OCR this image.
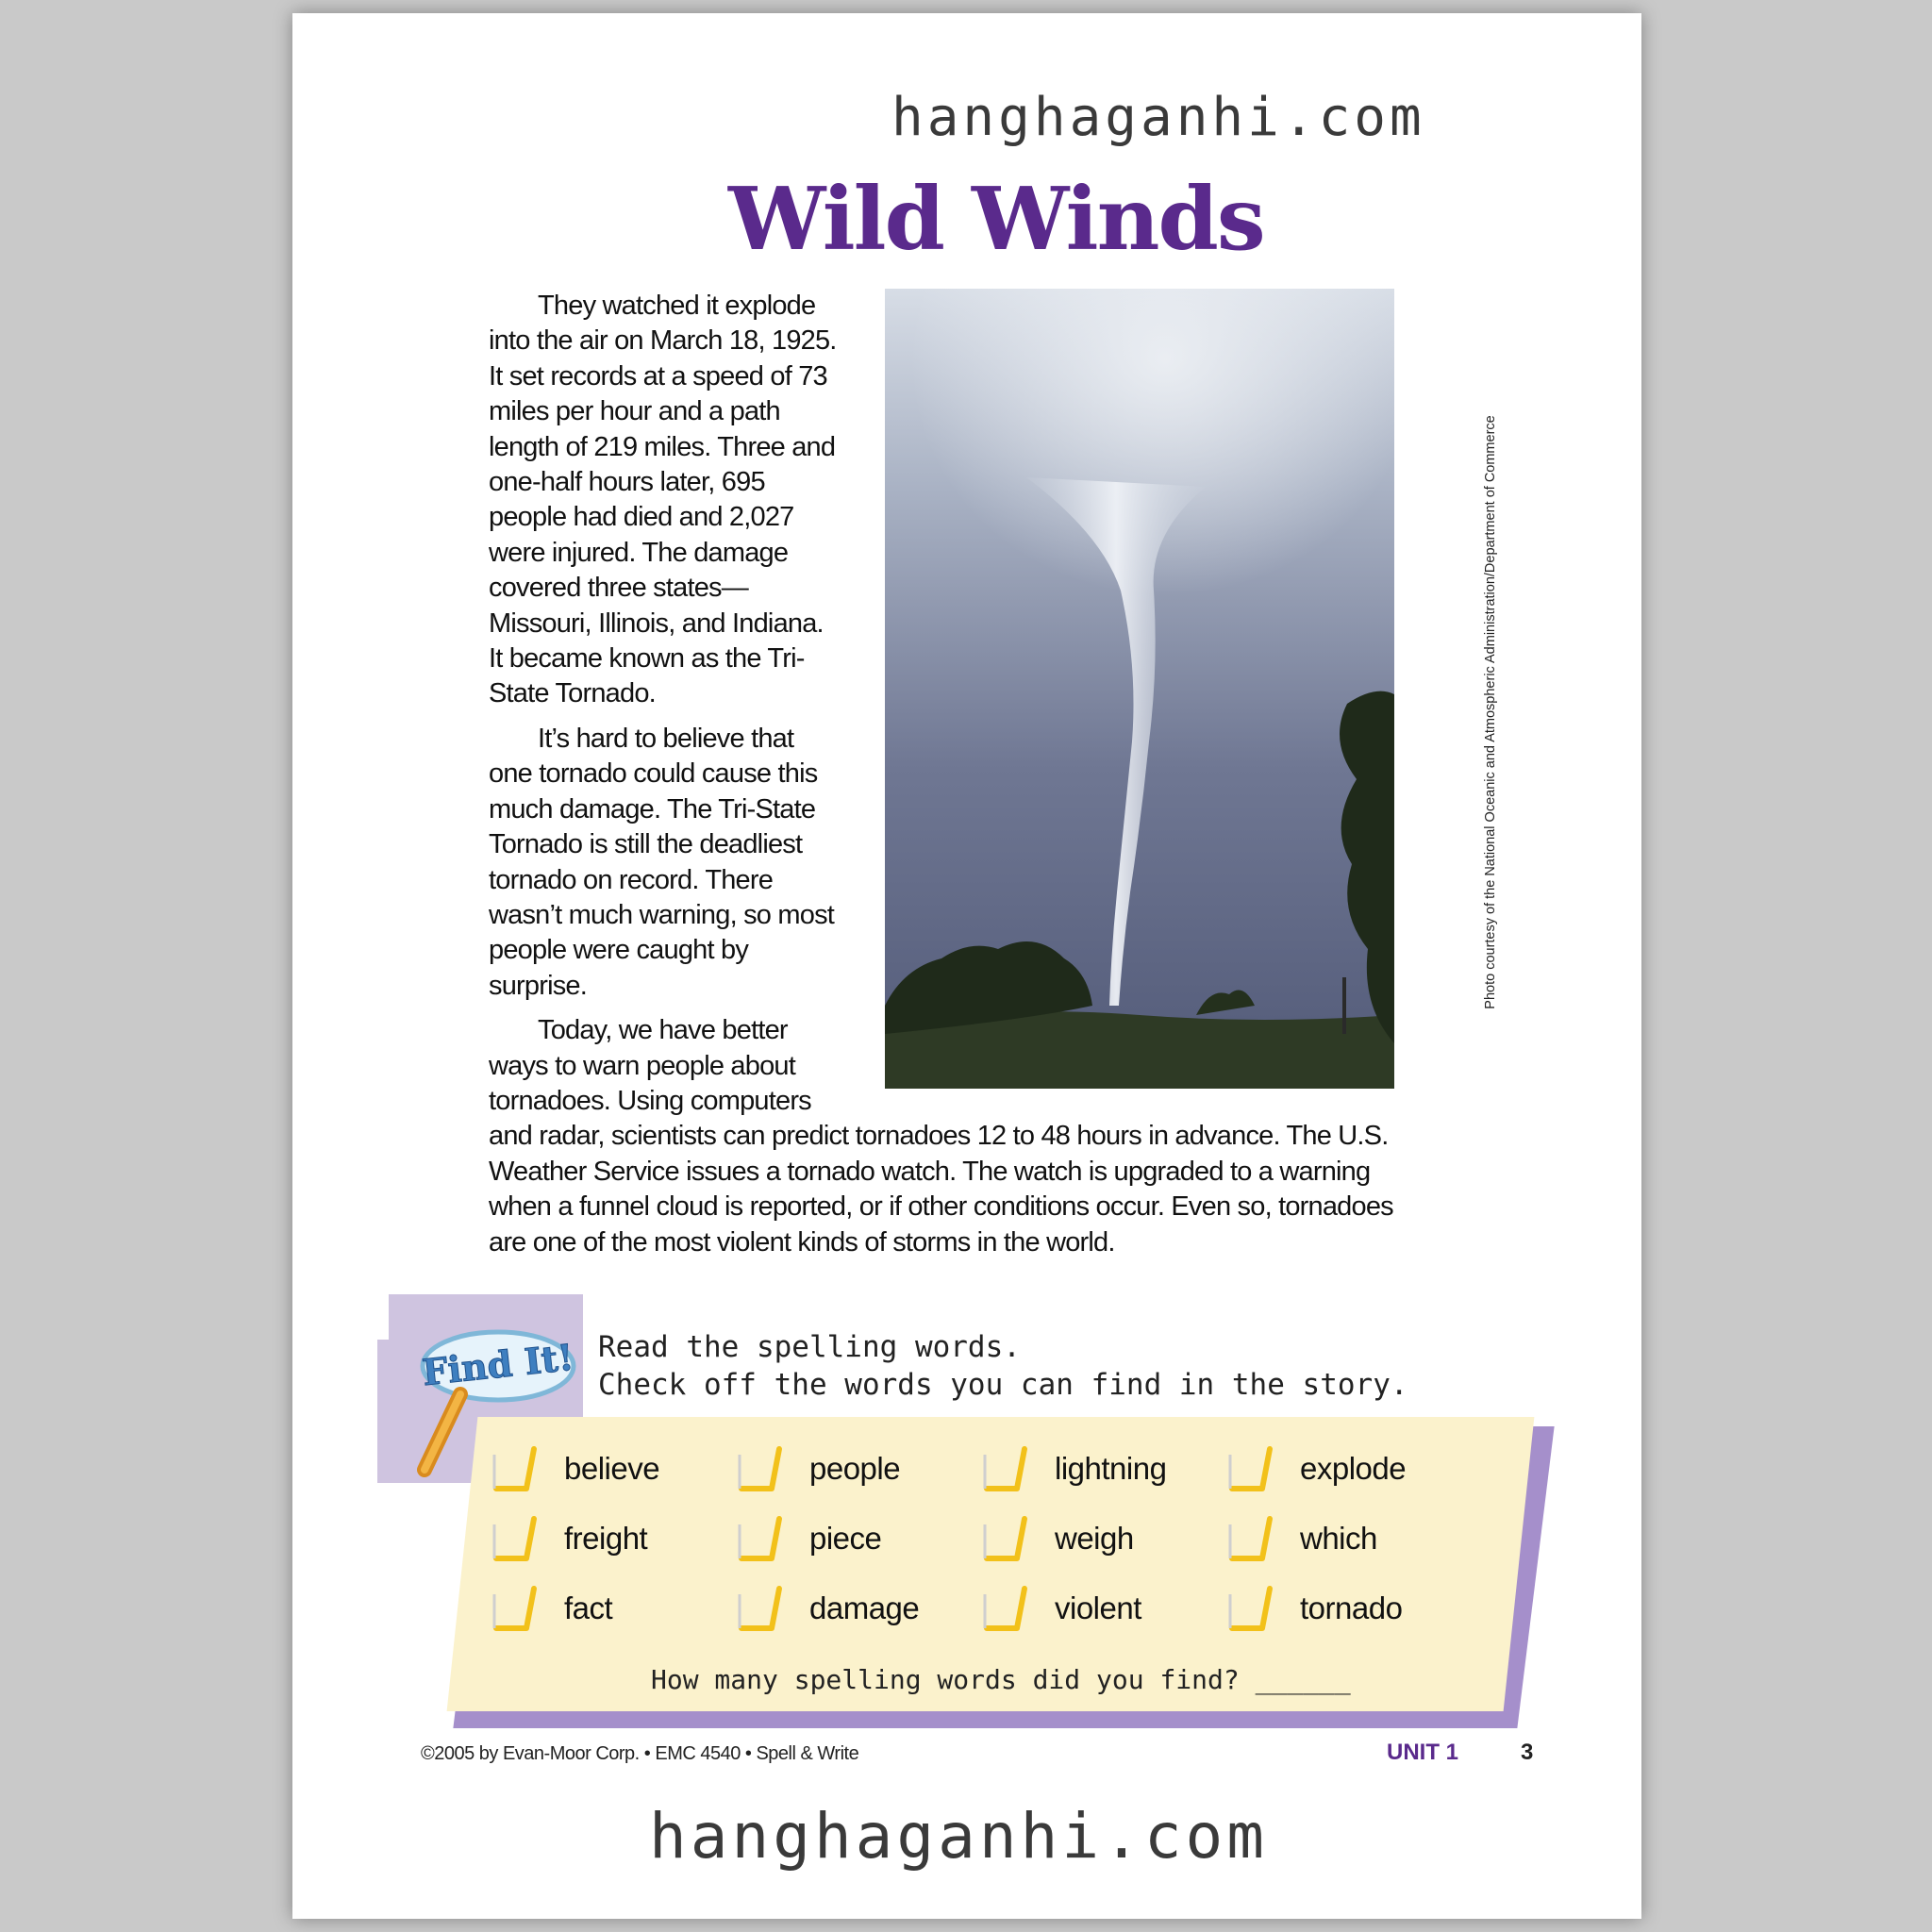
hanghaganhi.com
Wild Winds

They watched it explode into the air on March 18, 1925. It set records at a speed of 73 miles per hour and a path length of 219 miles. Three and one-half hours later, 695 people had died and 2,027 were injured. The damage covered three states—Missouri, Illinois, and Indiana. It became known as the Tri-State Tornado.

It’s hard to believe that one tornado could cause this much damage. The Tri-State Tornado is still the deadliest tornado on record. There wasn’t much warning, so most people were caught by surprise.

Today, we have better ways to warn people about tornadoes. Using computers and radar, scientists can predict tornadoes 12 to 48 hours in advance. The U.S. Weather Service issues a tornado watch. The watch is upgraded to a warning when a funnel cloud is reported, or if other conditions occur. Even so, tornadoes are one of the most violent kinds of storms in the world.

Photo courtesy of the National Oceanic and Atmospheric Administration/Department of Commerce
Find It! Read the spelling words.
Check off the words you can find in the story.
believe	people	lightning	explode
freight	piece	weigh	which
fact	damage	violent	tornado
How many spelling words did you find? ______
©2005 by Evan-Moor Corp. • EMC 4540 • Spell & Write	UNIT 1	3
hanghaganhi.com
